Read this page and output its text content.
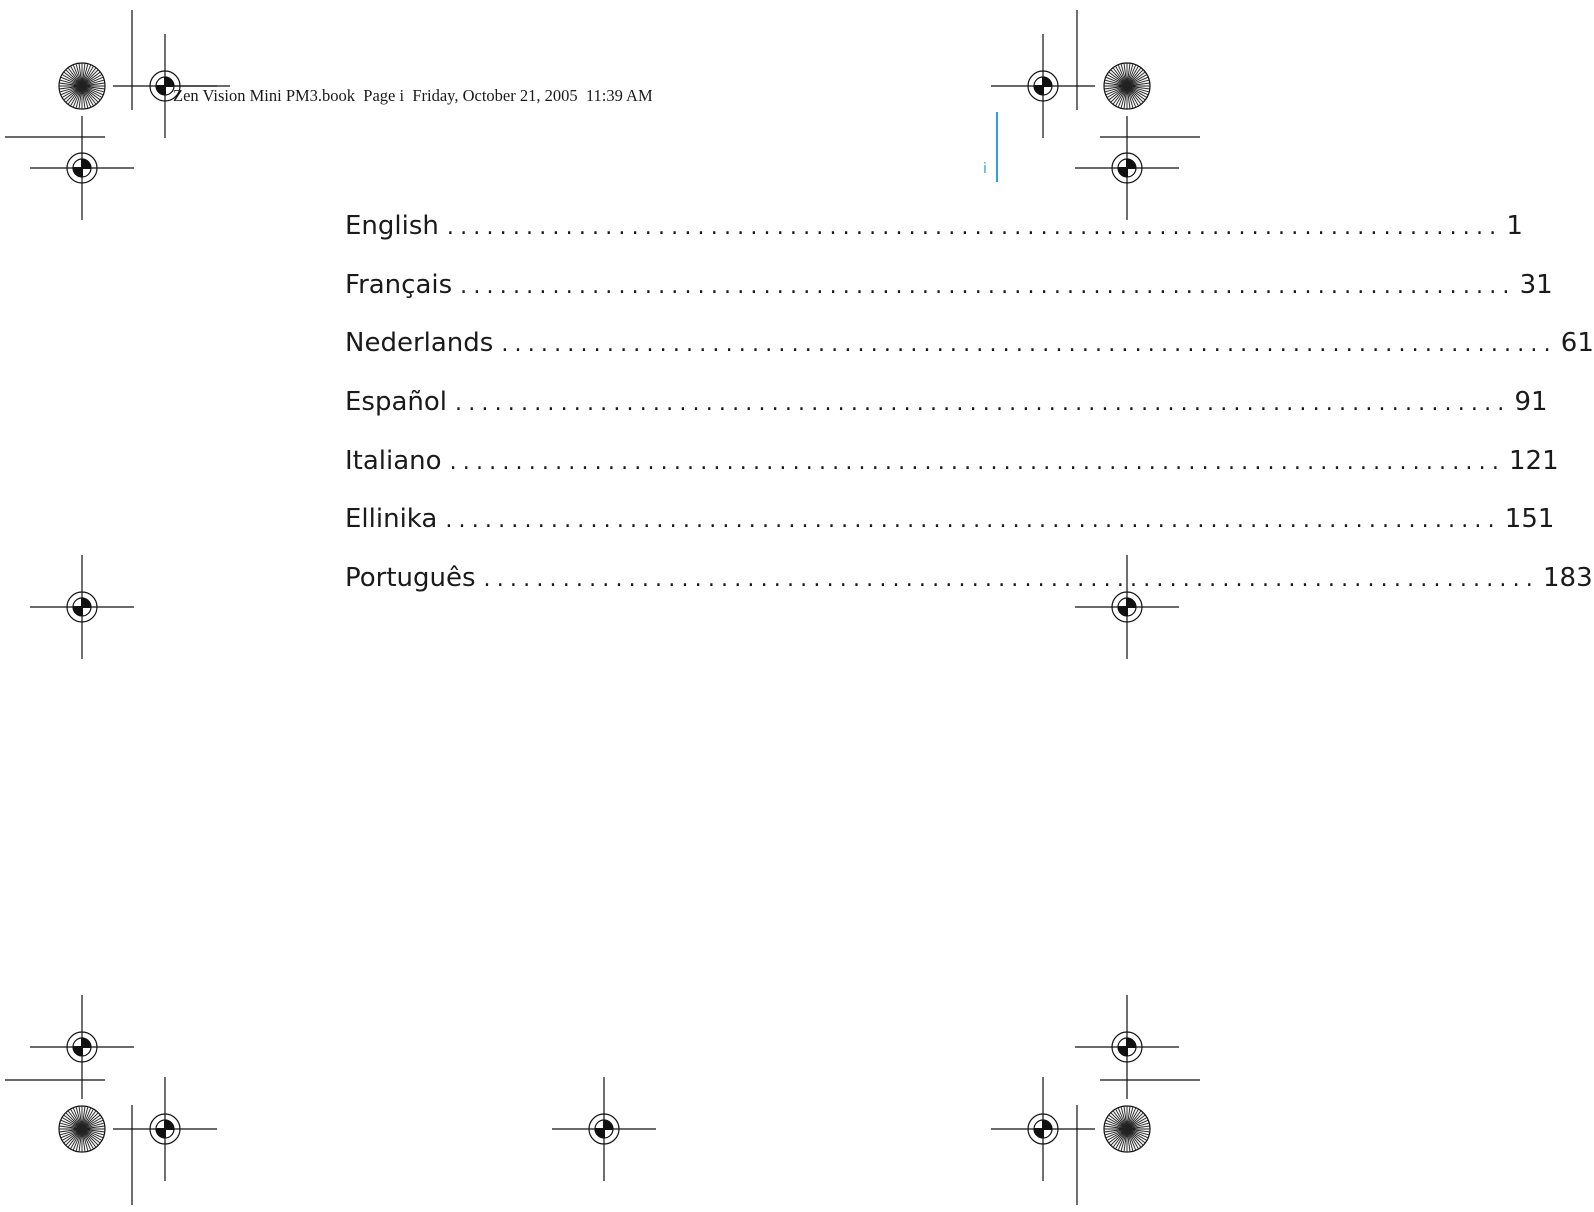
Zen Vision Mini PM3.book  Page i  Friday, October 21, 2005  11:39 AM
i
English ................................................................................ 1
Français ................................................................................ 31
Nederlands ................................................................................ 61
Español ................................................................................ 91
Italiano ................................................................................ 121
Ellinika ................................................................................ 151
Português ................................................................................ 183
